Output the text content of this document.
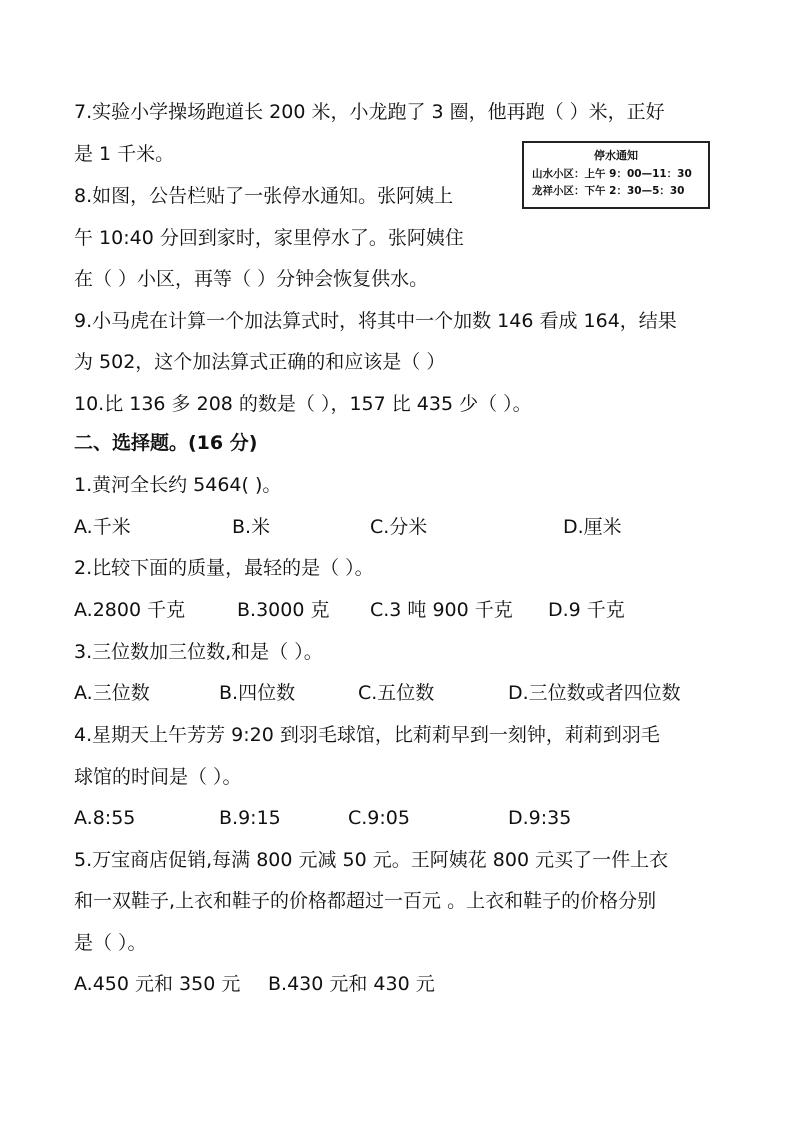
7.实验小学操场跑道长 200 米，小龙跑了 3 圈，他再跑（ ）米，正好
是 1 千米。	停水通知
山水小区：上午 9：00—11：30
龙祥小区：下午 2：30—5：30
8.如图，公告栏贴了一张停水通知。张阿姨上
午 10:40 分回到家时，家里停水了。张阿姨住
在（ ）小区，再等（ ）分钟会恢复供水。
9.小马虎在计算一个加法算式时，将其中一个加数 146 看成 164，结果
为 502，这个加法算式正确的和应该是（ ）
10.比 136 多 208 的数是（ ），157 比 435 少（ ）。
二、选择题。(16 分)
1.黄河全长约 5464( )。
A.千米	B.米	C.分米	D.厘米
2.比较下面的质量，最轻的是（ ）。
A.2800 千克	B.3000 克 C.3 吨 900 千克 D.9 千克
3.三位数加三位数,和是（ ）。
A.三位数	B.四位数	C.五位数	D.三位数或者四位数
4.星期天上午芳芳 9:20 到羽毛球馆，比莉莉早到一刻钟，莉莉到羽毛
球馆的时间是（ ）。
A.8:55	B.9:15	C.9:05	D.9:35
5.万宝商店促销,每满 800 元减 50 元。王阿姨花 800 元买了一件上衣
和一双鞋子,上衣和鞋子的价格都超过一百元 。上衣和鞋子的价格分别
是（ ）。
A.450 元和 350 元 B.430 元和 430 元
